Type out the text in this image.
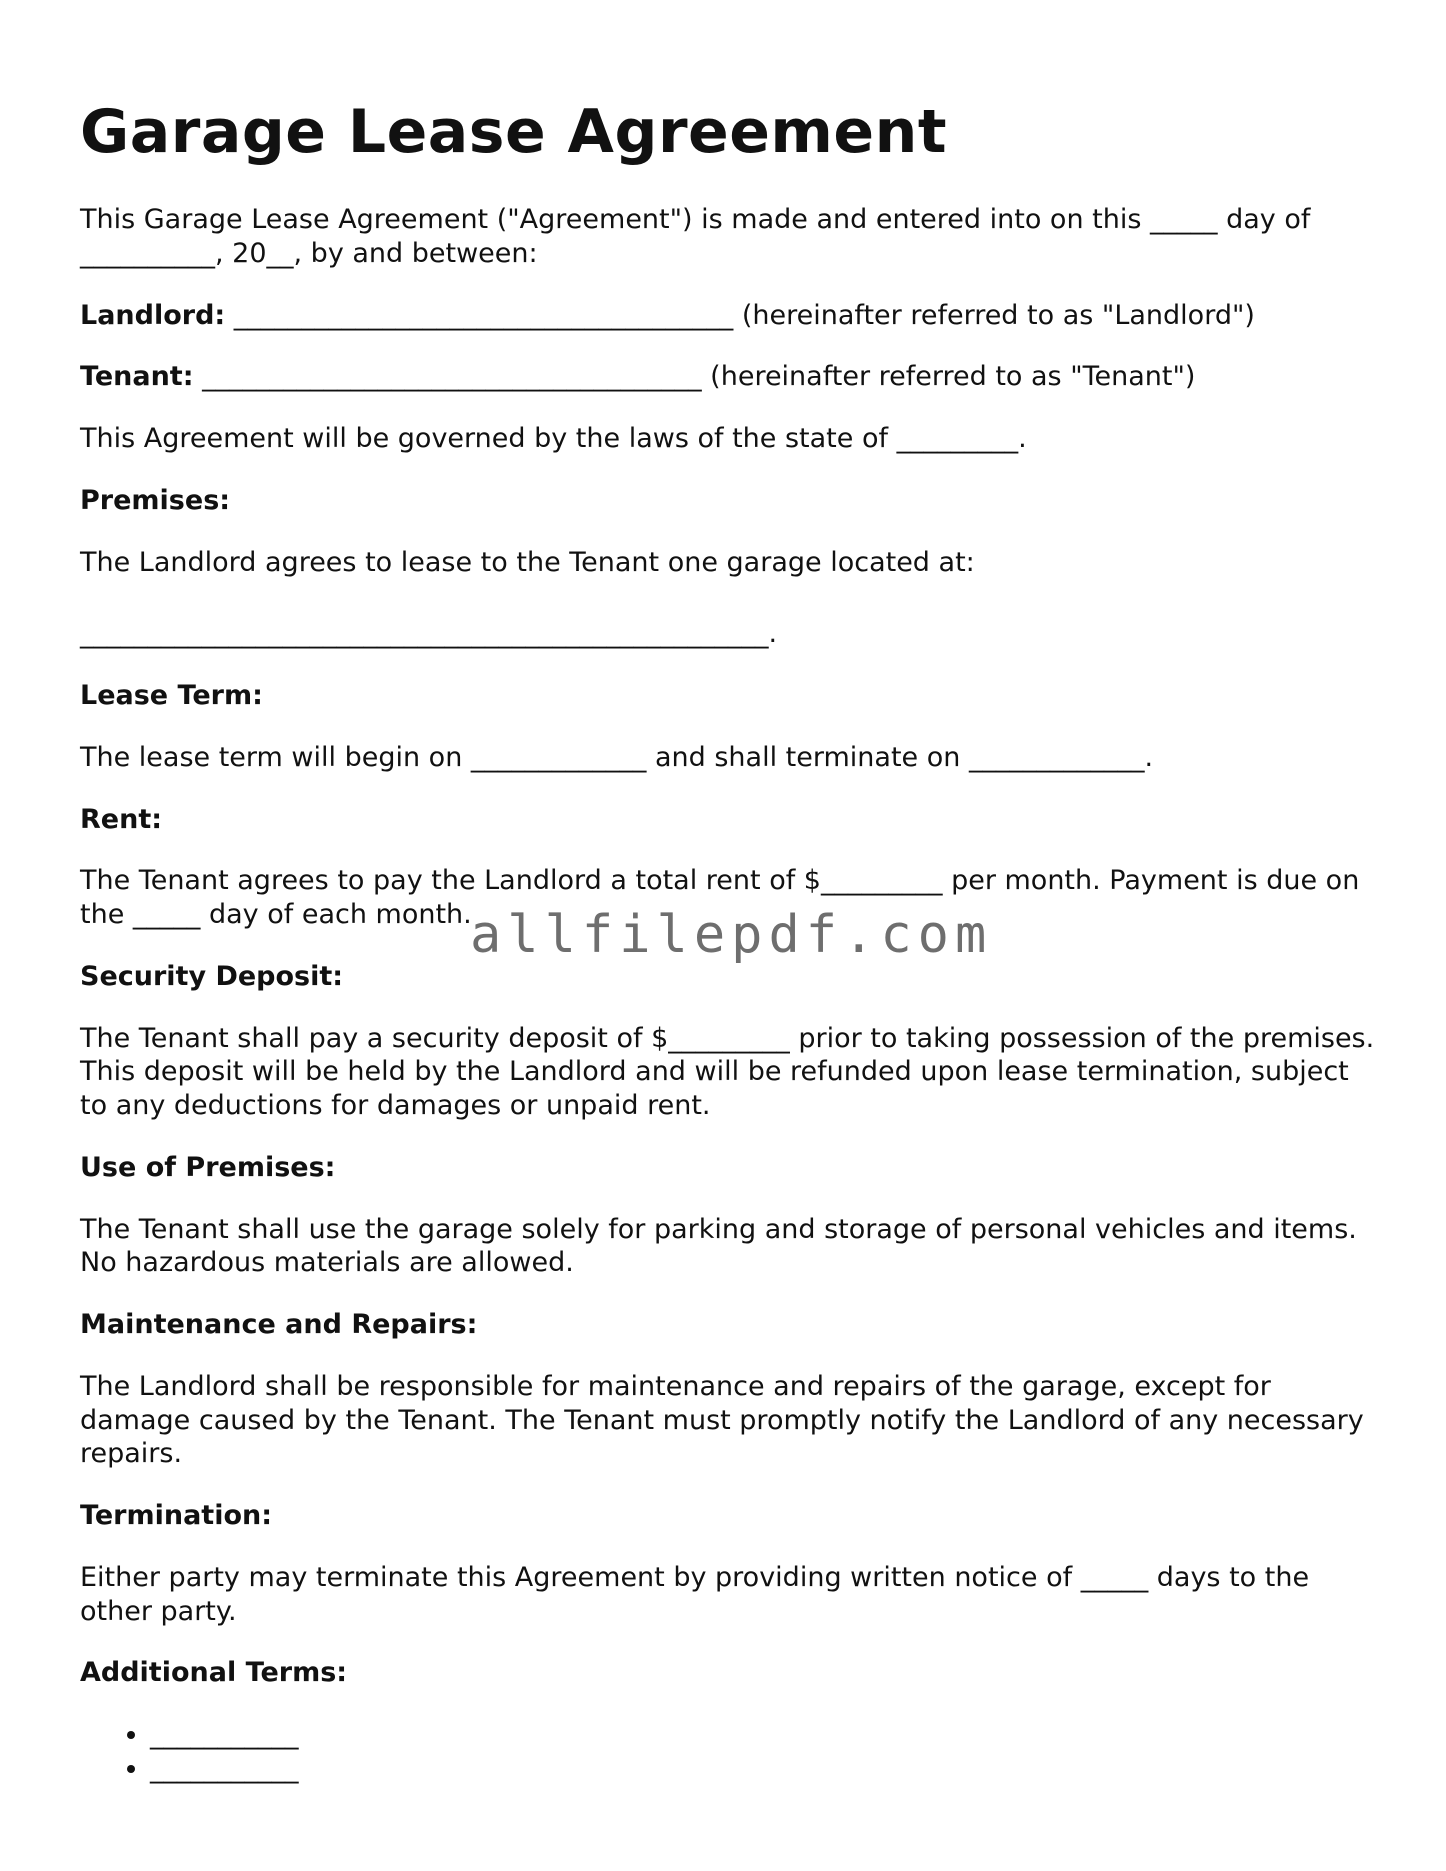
Garage Lease Agreement

This Garage Lease Agreement ("Agreement") is made and entered into on this _____ day of __________, 20__, by and between:

Landlord: _____________________________________ (hereinafter referred to as "Landlord")

Tenant: _____________________________________ (hereinafter referred to as "Tenant")

This Agreement will be governed by the laws of the state of _________.

Premises:

The Landlord agrees to lease to the Tenant one garage located at:

___________________________________________________.

Lease Term:

The lease term will begin on _____________ and shall terminate on _____________.

Rent:

The Tenant agrees to pay the Landlord a total rent of $_________ per month. Payment is due on the _____ day of each month.

Security Deposit:

The Tenant shall pay a security deposit of $_________ prior to taking possession of the premises. This deposit will be held by the Landlord and will be refunded upon lease termination, subject to any deductions for damages or unpaid rent.

Use of Premises:

The Tenant shall use the garage solely for parking and storage of personal vehicles and items. No hazardous materials are allowed.

Maintenance and Repairs:

The Landlord shall be responsible for maintenance and repairs of the garage, except for damage caused by the Tenant. The Tenant must promptly notify the Landlord of any necessary repairs.

Termination:

Either party may terminate this Agreement by providing written notice of _____ days to the other party.

Additional Terms:

• ___________
• ___________
allfilepdf.com
